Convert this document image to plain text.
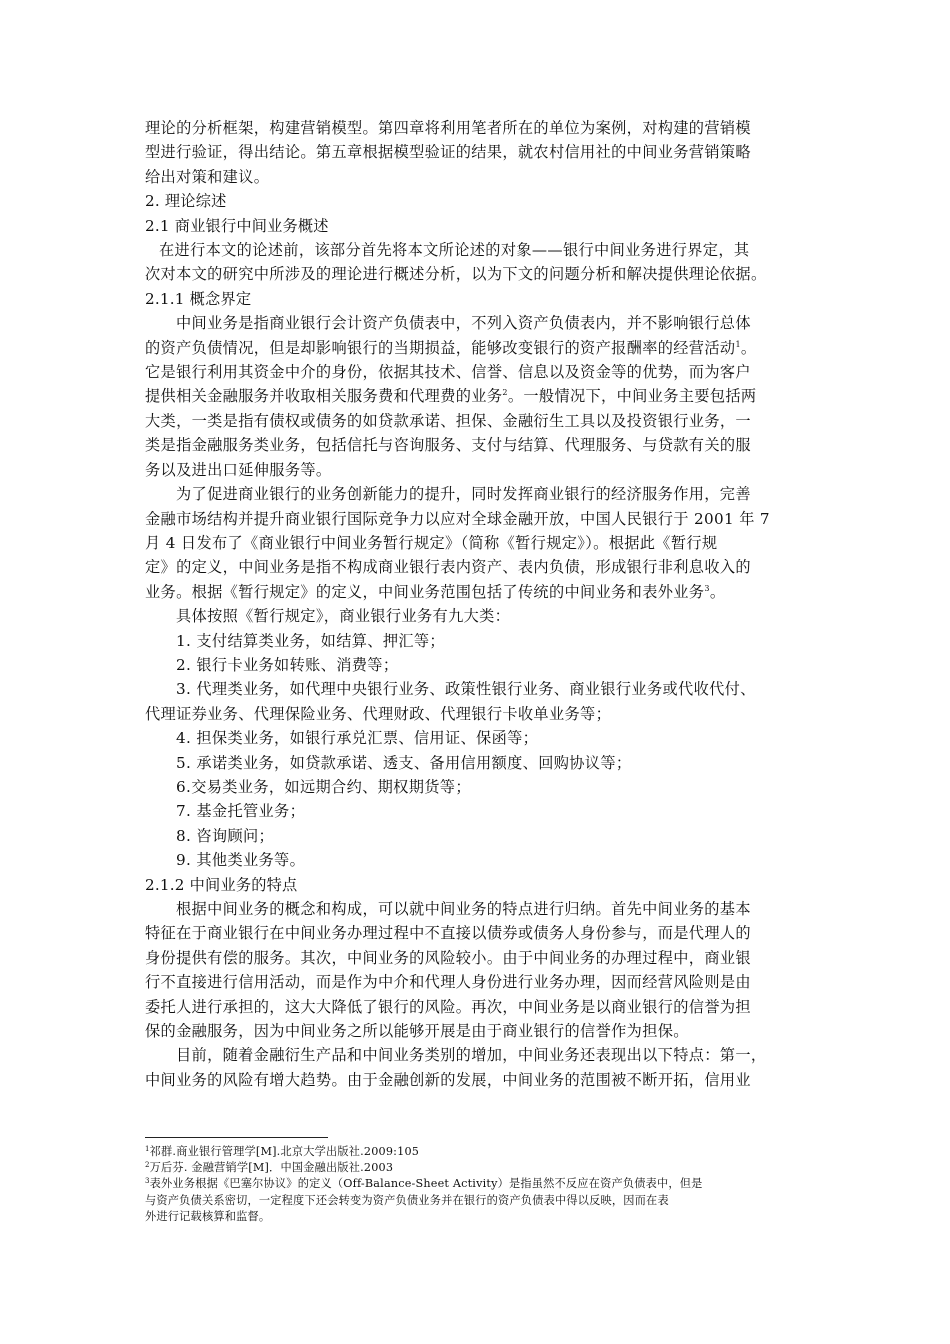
理论的分析框架，构建营销模型。第四章将利用笔者所在的单位为案例，对构建的营销模

型进行验证，得出结论。第五章根据模型验证的结果，就农村信用社的中间业务营销策略

给出对策和建议。

2. 理论综述

2.1 商业银行中间业务概述

在进行本文的论述前，该部分首先将本文所论述的对象——银行中间业务进行界定，其

次对本文的研究中所涉及的理论进行概述分析，以为下文的问题分析和解决提供理论依据。

2.1.1 概念界定

中间业务是指商业银行会计资产负债表中，不列入资产负债表内，并不影响银行总体

的资产负债情况，但是却影响银行的当期损益，能够改变银行的资产报酬率的经营活动$^1$。

它是银行利用其资金中介的身份，依据其技术、信誉、信息以及资金等的优势，而为客户

提供相关金融服务并收取相关服务费和代理费的业务$^2$。一般情况下，中间业务主要包括两

大类，一类是指有债权或债务的如贷款承诺、担保、金融衍生工具以及投资银行业务，一

类是指金融服务类业务，包括信托与咨询服务、支付与结算、代理服务、与贷款有关的服

务以及进出口延伸服务等。

为了促进商业银行的业务创新能力的提升，同时发挥商业银行的经济服务作用，完善

金融市场结构并提升商业银行国际竞争力以应对全球金融开放，中国人民银行于 2001 年 7

月 4 日发布了《商业银行中间业务暂行规定》（简称《暂行规定》）。根据此《暂行规

定》的定义，中间业务是指不构成商业银行表内资产、表内负债，形成银行非利息收入的

业务。根据《暂行规定》的定义，中间业务范围包括了传统的中间业务和表外业务$^3$。

具体按照《暂行规定》，商业银行业务有九大类：

1. 支付结算类业务，如结算、押汇等；

2. 银行卡业务如转账、消费等；

3. 代理类业务，如代理中央银行业务、政策性银行业务、商业银行业务或代收代付、

代理证券业务、代理保险业务、代理财政、代理银行卡收单业务等；

4. 担保类业务，如银行承兑汇票、信用证、保函等；

5. 承诺类业务，如贷款承诺、透支、备用信用额度、回购协议等；

6.交易类业务，如远期合约、期权期货等；

7. 基金托管业务；

8. 咨询顾问；

9. 其他类业务等。

2.1.2 中间业务的特点

根据中间业务的概念和构成，可以就中间业务的特点进行归纳。首先中间业务的基本

特征在于商业银行在中间业务办理过程中不直接以债券或债务人身份参与，而是代理人的

身份提供有偿的服务。其次，中间业务的风险较小。由于中间业务的办理过程中，商业银

行不直接进行信用活动，而是作为中介和代理人身份进行业务办理，因而经营风险则是由

委托人进行承担的，这大大降低了银行的风险。再次，中间业务是以商业银行的信誉为担

保的金融服务，因为中间业务之所以能够开展是由于商业银行的信誉作为担保。

目前，随着金融衍生产品和中间业务类别的增加，中间业务还表现出以下特点：第一，

中间业务的风险有增大趋势。由于金融创新的发展，中间业务的范围被不断开拓，信用业

$^1$祁群.商业银行管理学[M].北京大学出版社.2009:105

$^2$万后芬. 金融营销学[M]．中国金融出版社.2003

$^3$表外业务根据《巴塞尔协议》的定义（Off-Balance-Sheet Activity）是指虽然不反应在资产负债表中，但是

与资产负债关系密切，一定程度下还会转变为资产负债业务并在银行的资产负债表中得以反映，因而在表

外进行记载核算和监督。
